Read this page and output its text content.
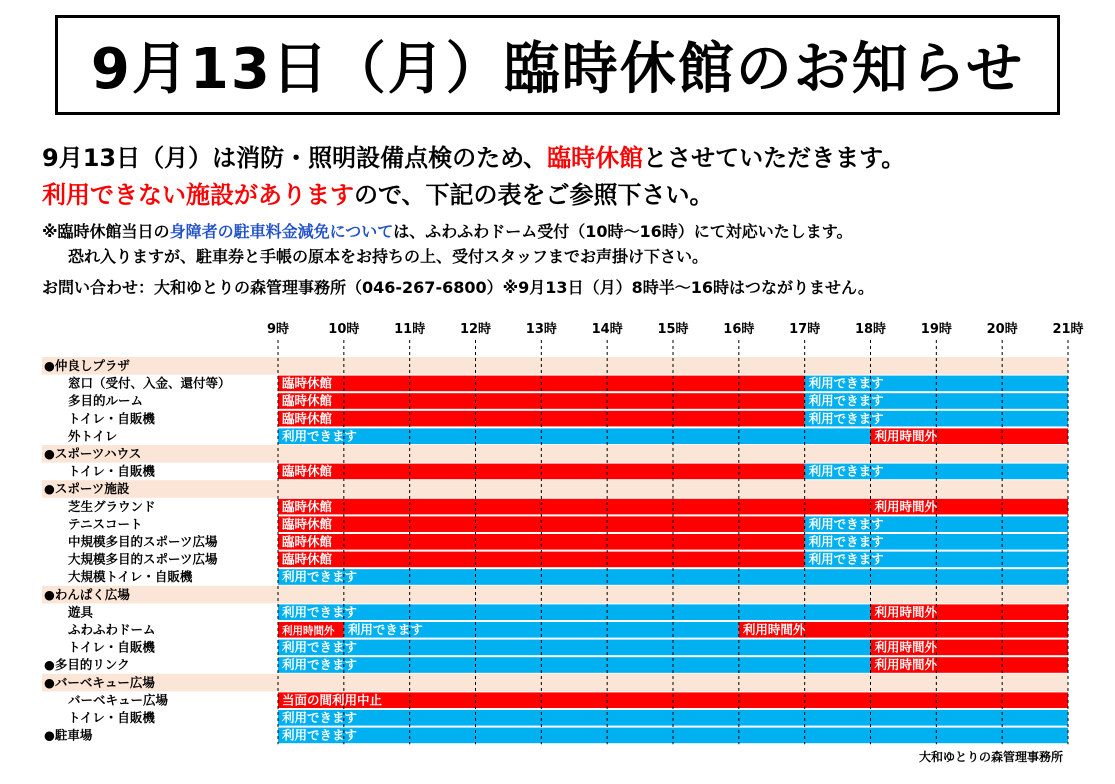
9月13日（月）臨時休館のお知らせ
9月13日（月）は消防・照明設備点検のため、臨時休館とさせていただきます。
利用できない施設がありますので、下記の表をご参照下さい。
※臨時休館当日の身障者の駐車料金減免については、ふわふわドーム受付（10時～16時）にて対応いたします。
恐れ入りますが、駐車券と手帳の原本をお持ちの上、受付スタッフまでお声掛け下さい。
お問い合わせ：大和ゆとりの森管理事務所（046-267-6800）※9月13日（月）8時半～16時はつながりません。
9時	10時	11時	12時	13時	14時	15時	16時	17時	18時	19時	20時	21時
●仲良しプラザ
窓口（受付、入金、還付等）	臨時休館	利用できます
多目的ルーム	臨時休館	利用できます
トイレ・自販機	臨時休館	利用できます
外トイレ	利用できます	利用時間外
●スポーツハウス
トイレ・自販機	臨時休館	利用できます
●スポーツ施設
芝生グラウンド	臨時休館	利用時間外
テニスコート	臨時休館	利用できます
中規模多目的スポーツ広場	臨時休館	利用できます
大規模多目的スポーツ広場	臨時休館	利用できます
大規模トイレ・自販機	利用できます
●わんぱく広場
遊具	利用できます	利用時間外
ふわふわドーム	利用時間外 利用できます	利用時間外
トイレ・自販機	利用できます	利用時間外
●多目的リンク	利用できます	利用時間外
●バーベキュー広場
バーベキュー広場	当面の間利用中止
トイレ・自販機	利用できます
●駐車場	利用できます
大和ゆとりの森管理事務所
